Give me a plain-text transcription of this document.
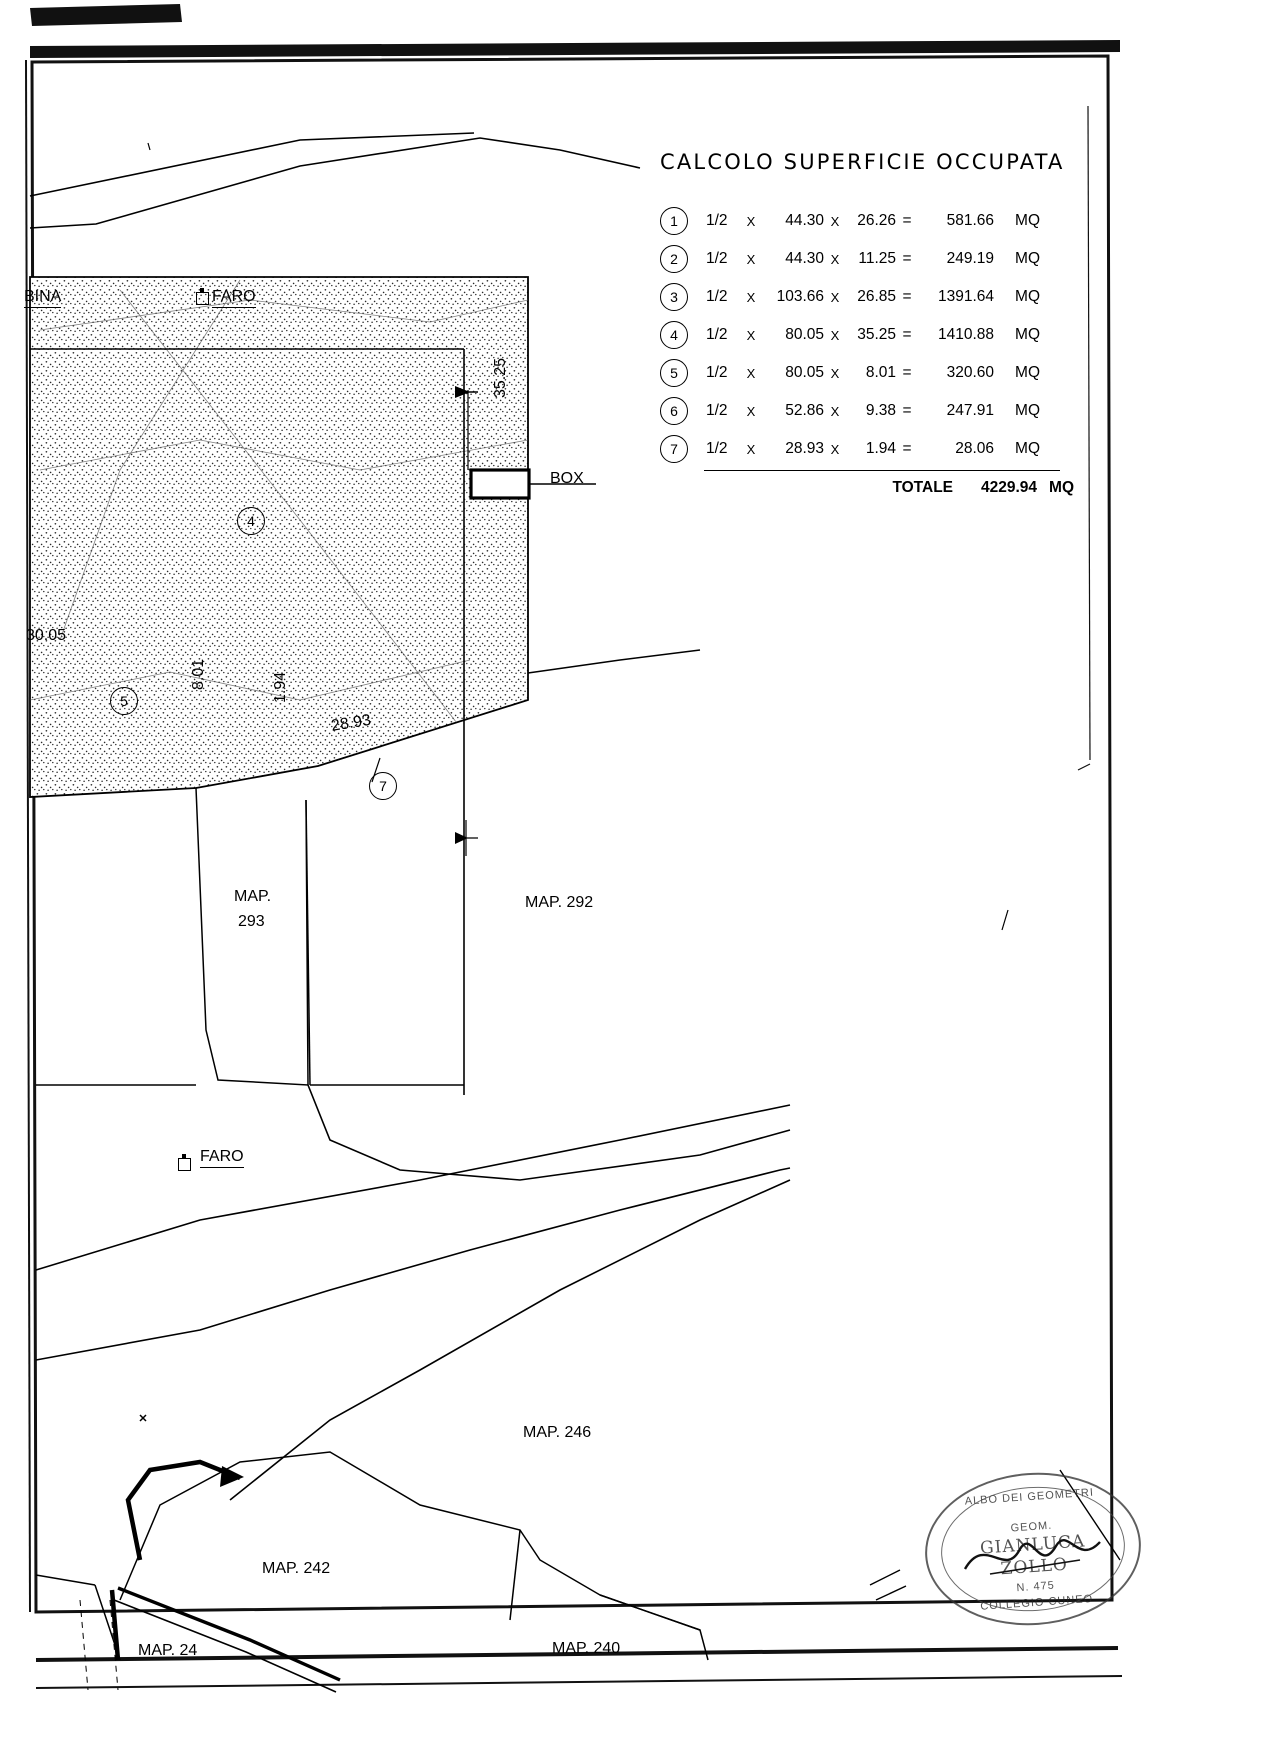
CALCOLO SUPERFICIE OCCUPATA
1	1/2	X	44.30 X	26.26 =	581.66	MQ
2	1/2	X	44.30 X	11.25 =	249.19	MQ
3	1/2	X	103.66 X	26.85 =	1391.64	MQ
4	1/2	X	80.05 X	35.25 =	1410.88	MQ
5	1/2	X	80.05 X	8.01 =	320.60	MQ
6	1/2	X	52.86 X	9.38 =	247.91	MQ
7	1/2	X	28.93 X	1.94 =	28.06	MQ
TOTALE 4229.94 MQ
BINA	FARO
BOX
35.25
30.05
8.01	1.94
28.93
4
5
7
MAP.
293
MAP. 292
FARO
MAP. 246
MAP. 242
MAP. 24	MAP. 240
ALBO DEI GEOMETRI
GEOM.
GIANLUCA
ZOLLO
N. 475
COLLEGIO CUNEO
